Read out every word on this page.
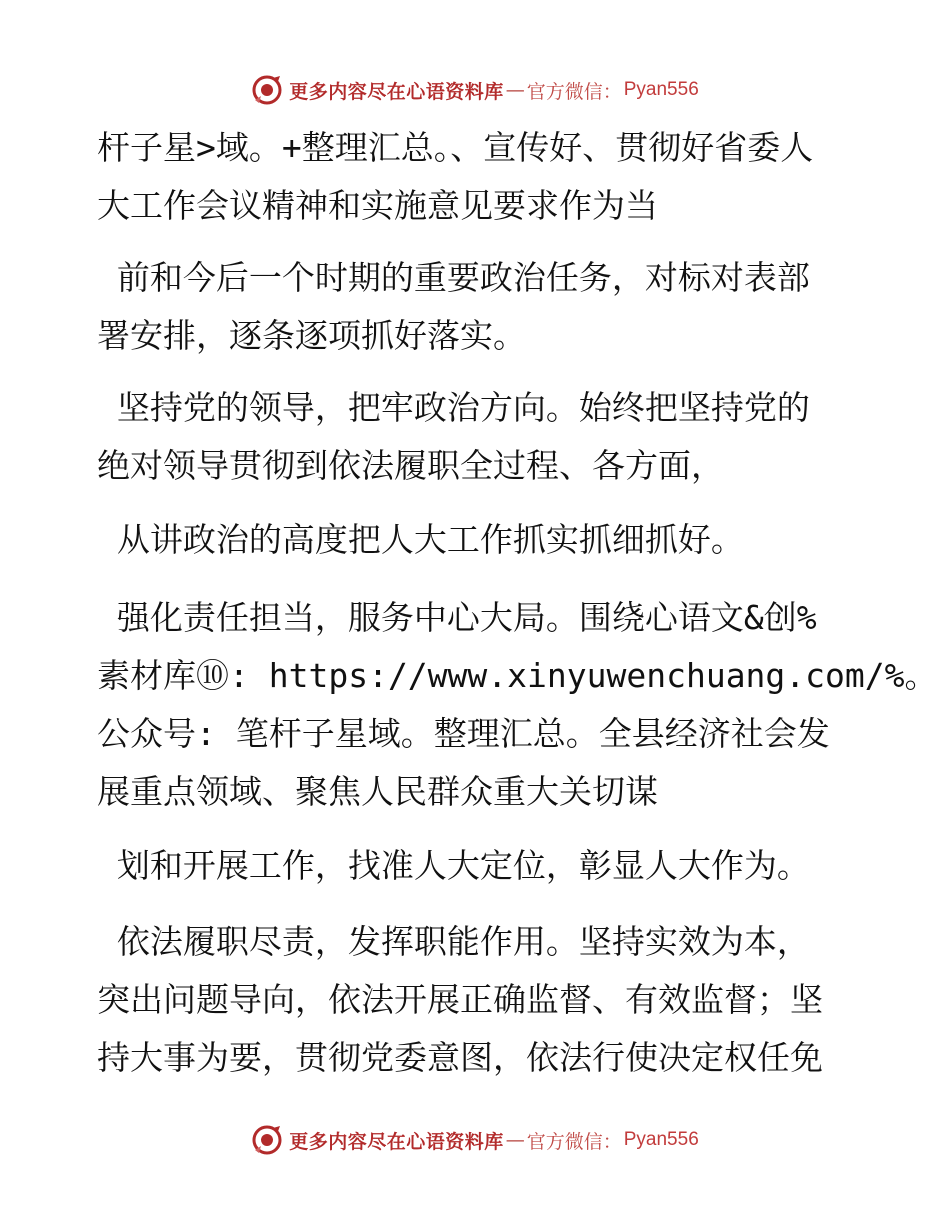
更多内容尽在心语资料库 — 官方微信： Pyan556
杆子星>域。+整理汇总。、宣传好、贯彻好省委人
大工作会议精神和实施意见要求作为当
前和今后一个时期的重要政治任务，对标对表部
署安排，逐条逐项抓好落实。
坚持党的领导，把牢政治方向。始终把坚持党的
绝对领导贯彻到依法履职全过程、各方面，
从讲政治的高度把人大工作抓实抓细抓好。
强化责任担当，服务中心大局。围绕心语文&创%
素材库⑩: https://www.xinyuwenchuang.com/%。
公众号: 笔杆子星域。整理汇总。全县经济社会发
展重点领域、聚焦人民群众重大关切谋
划和开展工作，找准人大定位，彰显人大作为。
依法履职尽责，发挥职能作用。坚持实效为本，
突出问题导向，依法开展正确监督、有效监督；坚
持大事为要，贯彻党委意图，依法行使决定权任免
更多内容尽在心语资料库 — 官方微信： Pyan556
